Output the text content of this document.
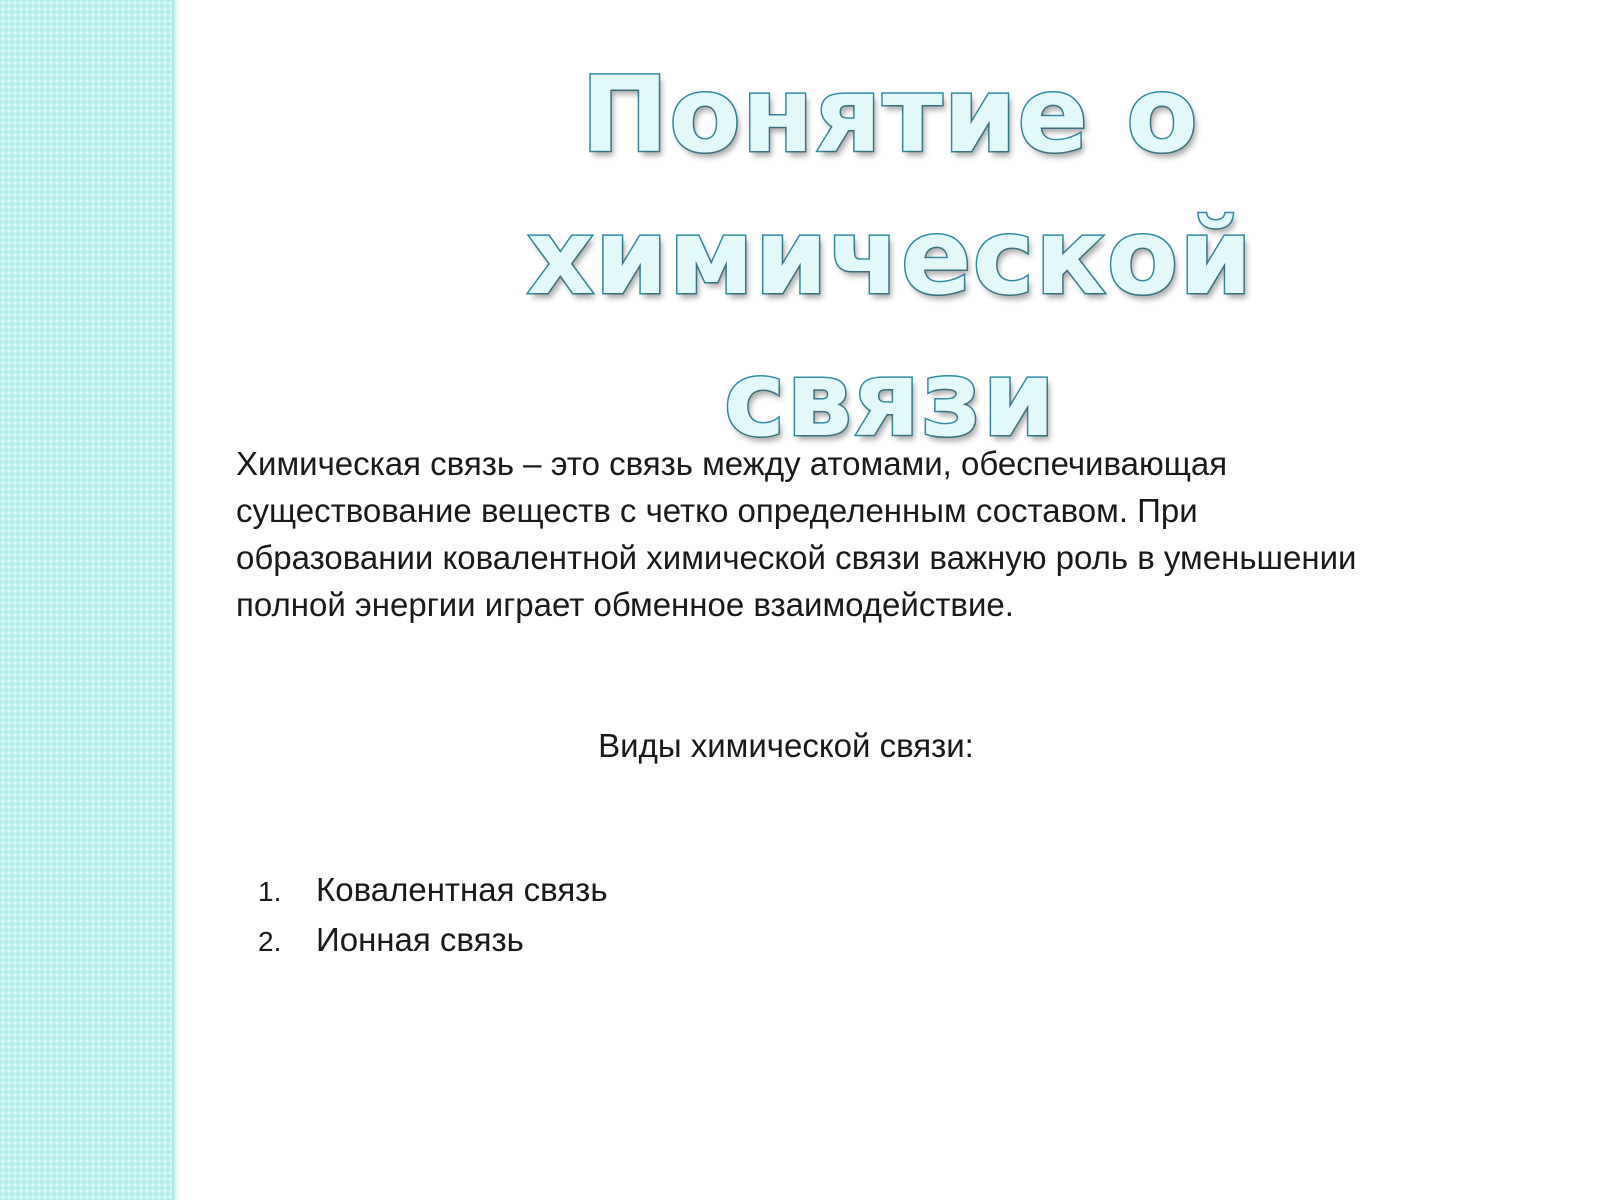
Понятие о химической
связи

Химическая связь – это связь между атомами, обеспечивающая существование веществ с четко определенным составом. При образовании ковалентной химической связи важную роль в уменьшении полной энергии играет обменное взаимодействие.

Виды химической связи:

1.	Ковалентная связь
2.	Ионная связь
